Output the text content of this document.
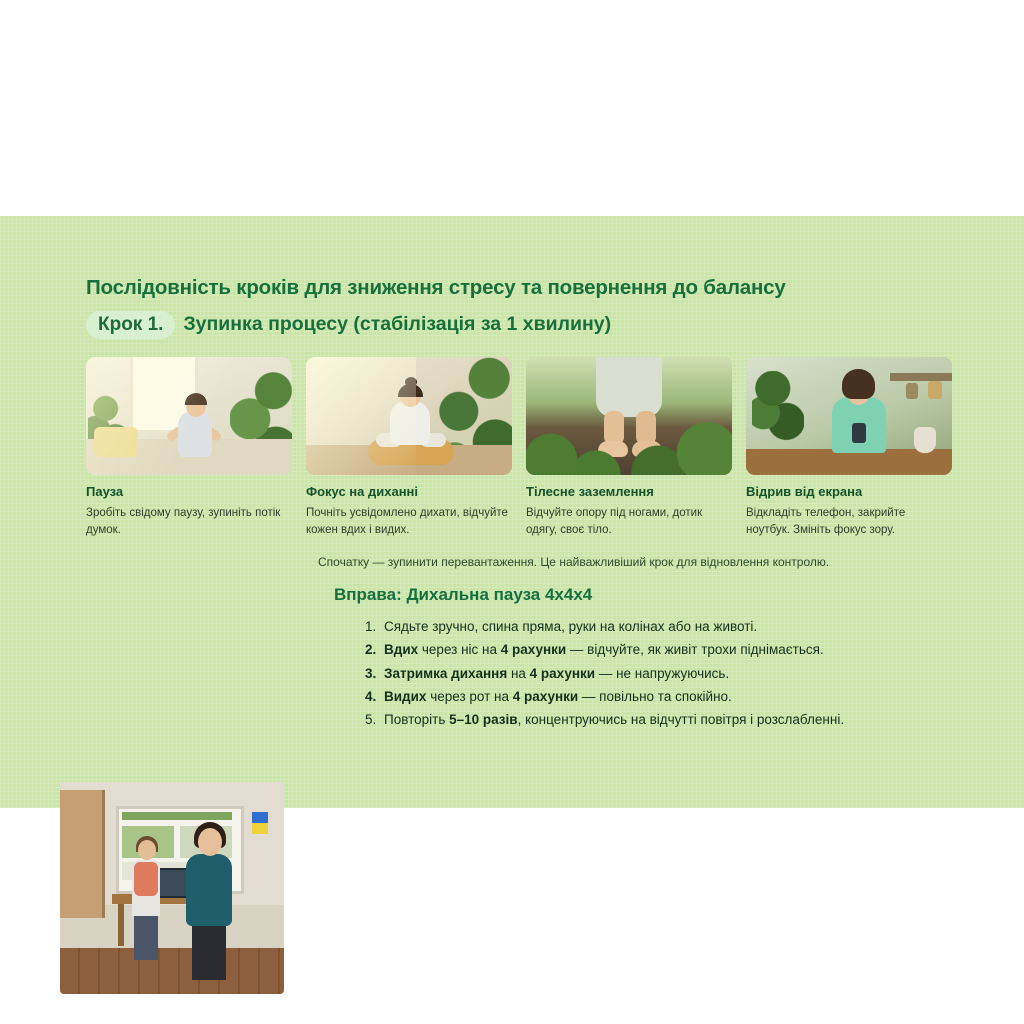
Послідовність кроків для зниження стресу та повернення до балансу
Крок 1.	Зупинка процесу (стабілізація за 1 хвилину)
Пауза
Зробіть свідому паузу, зупиніть потік думок.
Фокус на диханні
Почніть усвідомлено дихати, відчуйте кожен вдих і видих.
Тілесне заземлення
Відчуйте опору під ногами, дотик одягу, своє тіло.
Відрив від екрана
Відкладіть телефон, закрийте ноутбук. Змініть фокус зору.
Спочатку — зупинити перевантаження. Це найважливіший крок для відновлення контролю.
Вправа: Дихальна пауза 4х4х4
1. Сядьте зручно, спина пряма, руки на колінах або на животі.
2. Вдих через ніс на 4 рахунки — відчуйте, як живіт трохи піднімається.
3. Затримка дихання на 4 рахунки — не напружуючись.
4. Видих через рот на 4 рахунки — повільно та спокійно.
5. Повторіть 5–10 разів, концентруючись на відчутті повітря і розслабленні.
